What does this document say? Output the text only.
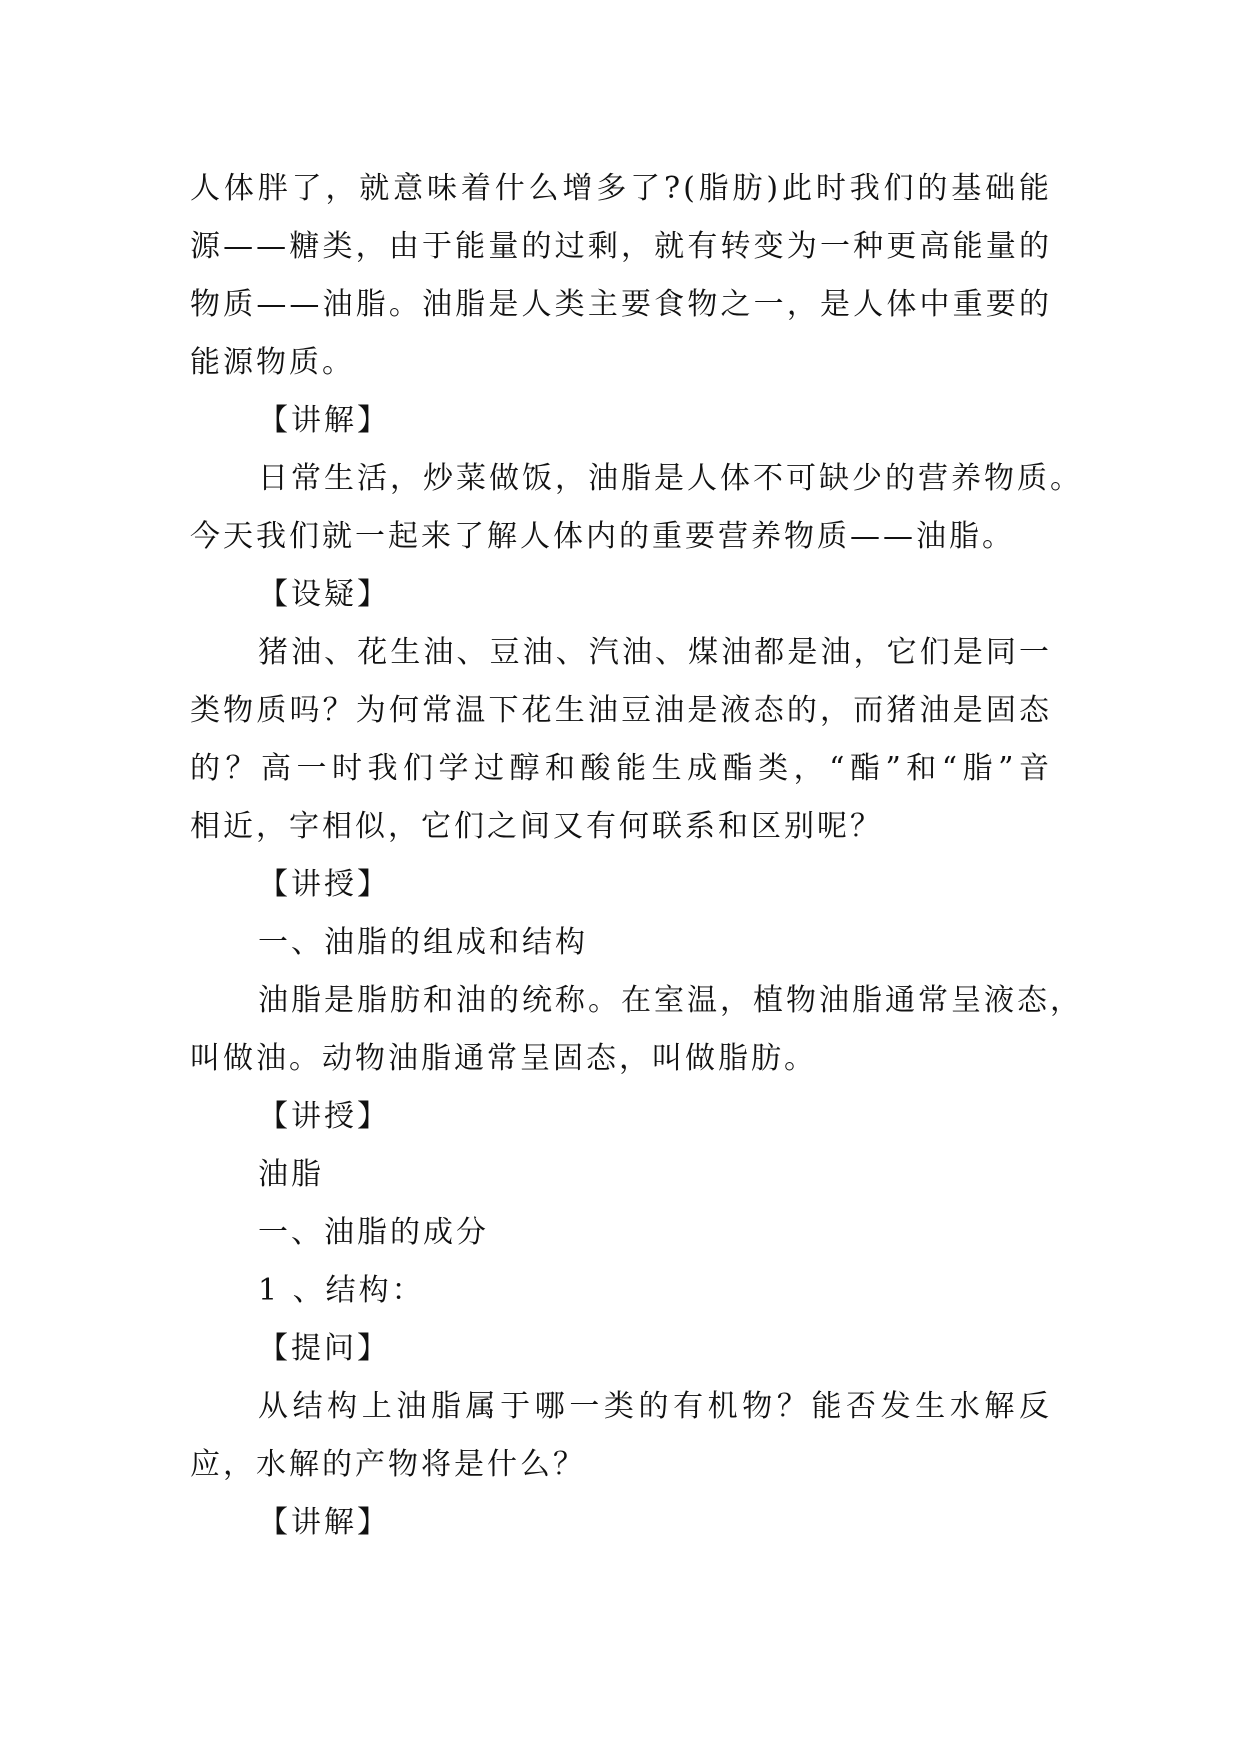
人体胖了，就意味着什么增多了?(脂肪)此时我们的基础能
源——糖类，由于能量的过剩，就有转变为一种更高能量的
物质——油脂。油脂是人类主要食物之一，是人体中重要的
能源物质。
【讲解】
日常生活，炒菜做饭，油脂是人体不可缺少的营养物质。
今天我们就一起来了解人体内的重要营养物质——油脂。
【设疑】
猪油、花生油、豆油、汽油、煤油都是油，它们是同一
类物质吗？为何常温下花生油豆油是液态的，而猪油是固态
的？高一时我们学过醇和酸能生成酯类，“酯”和“脂”音
相近，字相似，它们之间又有何联系和区别呢？
【讲授】
一、油脂的组成和结构
油脂是脂肪和油的统称。在室温，植物油脂通常呈液态，
叫做油。动物油脂通常呈固态，叫做脂肪。
【讲授】
油脂
一、油脂的成分
1 、结构：
【提问】
从结构上油脂属于哪一类的有机物？能否发生水解反
应，水解的产物将是什么？
【讲解】
